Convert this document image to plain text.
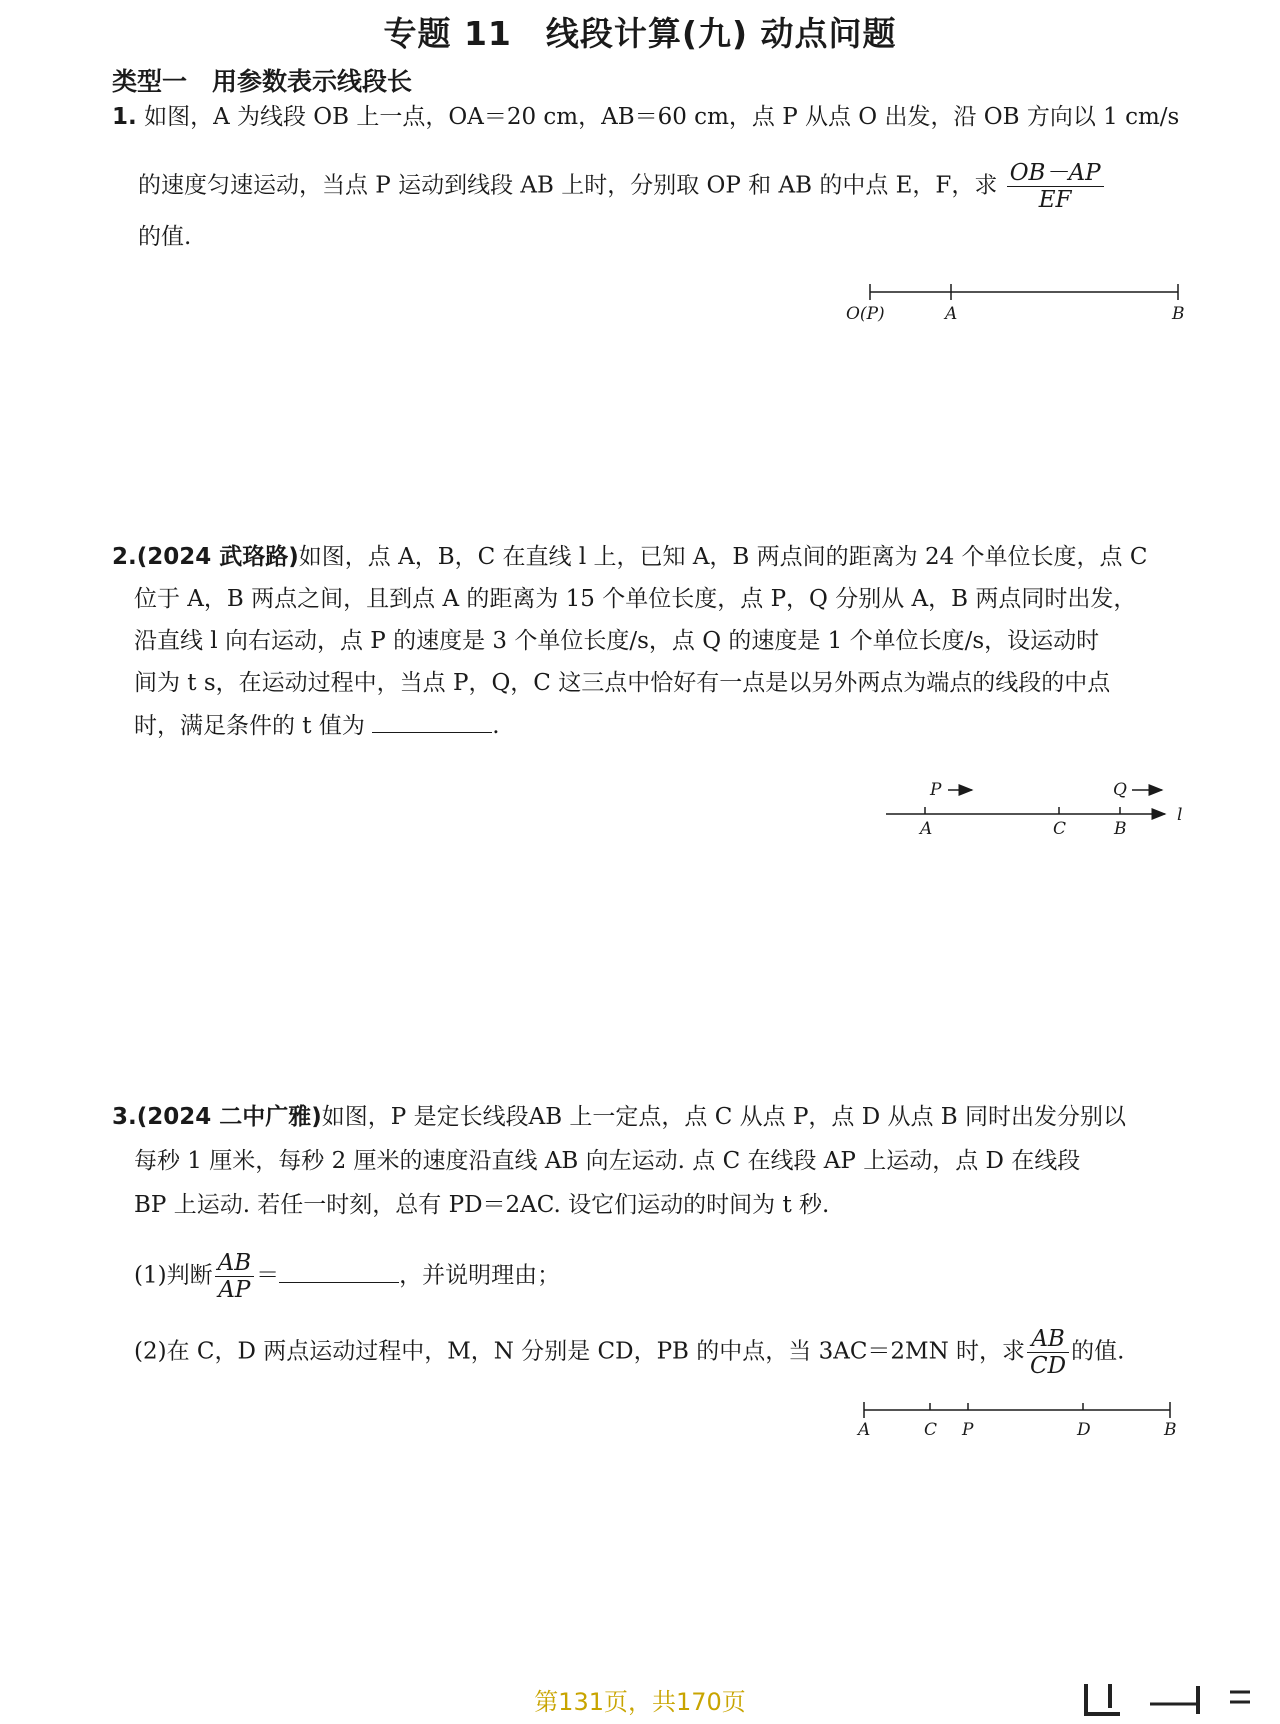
专题 11　线段计算(九) 动点问题
类型一　用参数表示线段长
1. 如图，A 为线段 OB 上一点，OA＝20 cm，AB＝60 cm，点 P 从点 O 出发，沿 OB 方向以 1 cm/s
的速度匀速运动，当点 P 运动到线段 AB 上时，分别取 OP 和 AB 的中点 E，F，求 $\frac{OB-AP}{EF}$
的值.
O(P)	A	B
2.(2024 武珞路)如图，点 A，B，C 在直线 l 上，已知 A，B 两点间的距离为 24 个单位长度，点 C
位于 A，B 两点之间，且到点 A 的距离为 15 个单位长度，点 P，Q 分别从 A，B 两点同时出发，
沿直线 l 向右运动，点 P 的速度是 3 个单位长度/s，点 Q 的速度是 1 个单位长度/s，设运动时
间为 t s，在运动过程中，当点 P，Q，C 这三点中恰好有一点是以另外两点为端点的线段的中点
时，满足条件的 t 值为	.
P	Q
A	C	B
l
3.(2024 二中广雅)如图，P 是定长线段AB 上一定点，点 C 从点 P，点 D 从点 B 同时出发分别以
每秒 1 厘米，每秒 2 厘米的速度沿直线 AB 向左运动. 点 C 在线段 AP 上运动，点 D 在线段
BP 上运动. 若任一时刻，总有 PD＝2AC. 设它们运动的时间为 t 秒.
(1)判断 $\frac{AB}{AP}$ ＝	，并说明理由；
(2)在 C，D 两点运动过程中，M，N 分别是 CD，PB 的中点，当 3AC＝2MN 时，求 $\frac{AB}{CD}$ 的值.
A	C P	D	B
第131页，共170页
